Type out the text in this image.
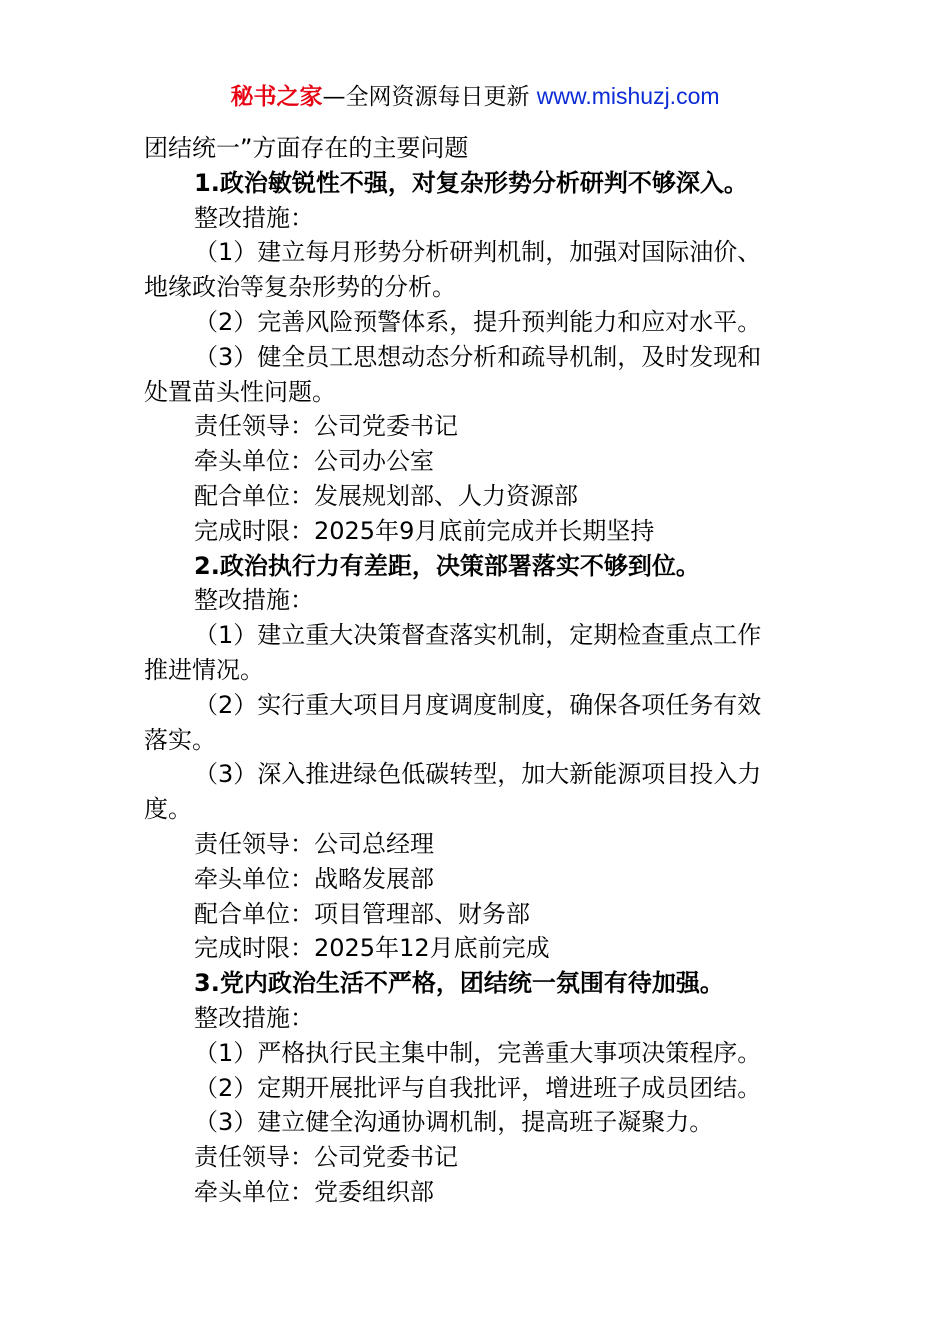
秘书之家—全网资源每日更新 www.mishuzj.com
团结统一”方面存在的主要问题
1.政治敏锐性不强，对复杂形势分析研判不够深入。
整改措施：
（1）建立每月形势分析研判机制，加强对国际油价、
地缘政治等复杂形势的分析。
（2）完善风险预警体系，提升预判能力和应对水平。
（3）健全员工思想动态分析和疏导机制，及时发现和
处置苗头性问题。
责任领导：公司党委书记
牵头单位：公司办公室
配合单位：发展规划部、人力资源部
完成时限：2025年9月底前完成并长期坚持
2.政治执行力有差距，决策部署落实不够到位。
整改措施：
（1）建立重大决策督查落实机制，定期检查重点工作
推进情况。
（2）实行重大项目月度调度制度，确保各项任务有效
落实。
（3）深入推进绿色低碳转型，加大新能源项目投入力
度。
责任领导：公司总经理
牵头单位：战略发展部
配合单位：项目管理部、财务部
完成时限：2025年12月底前完成
3.党内政治生活不严格，团结统一氛围有待加强。
整改措施：
（1）严格执行民主集中制，完善重大事项决策程序。
（2）定期开展批评与自我批评，增进班子成员团结。
（3）建立健全沟通协调机制，提高班子凝聚力。
责任领导：公司党委书记
牵头单位：党委组织部
